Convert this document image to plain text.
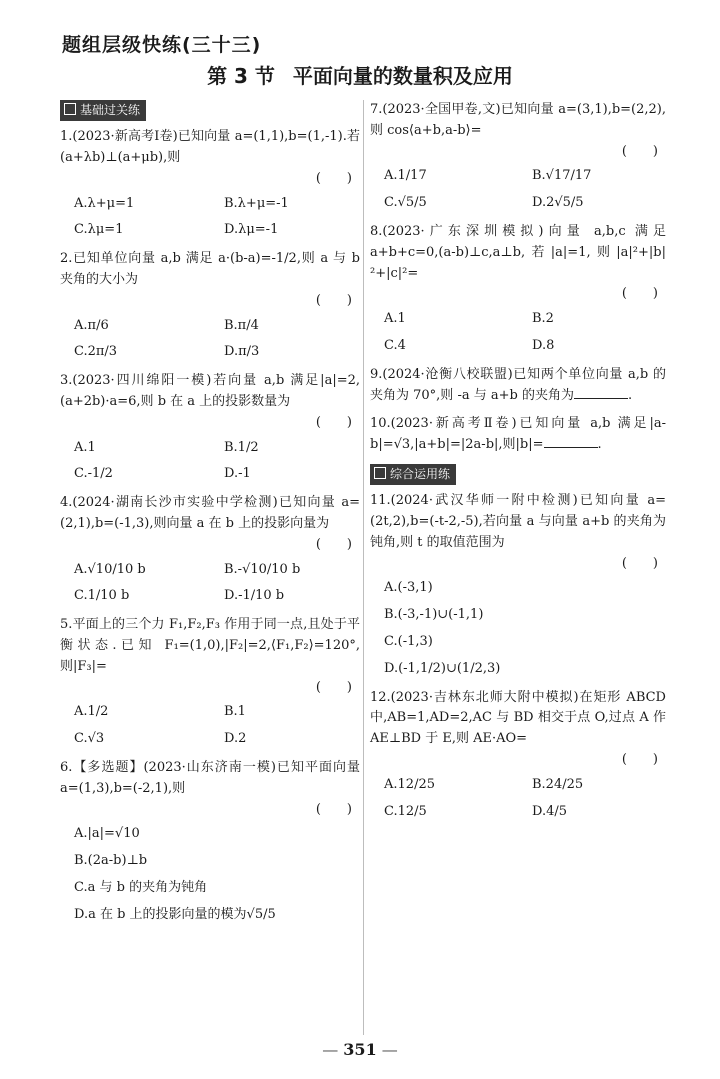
题组层级快练(三十三)
第 3 节 平面向量的数量积及应用
基础过关练
1.(2023·新高考Ⅰ卷)已知向量 a=(1,1),b=(1,-1).若(a+λb)⊥(a+μb),则
(　　)
A.λ+μ=1	B.λ+μ=-1
C.λμ=1	D.λμ=-1
2.已知单位向量 a,b 满足 a·(b-a)=-1/2,则 a 与 b 夹角的大小为
(　　)
A.π/6	B.π/4
C.2π/3	D.π/3
3.(2023·四川绵阳一模)若向量 a,b 满足|a|=2,(a+2b)·a=6,则 b 在 a 上的投影数量为
(　　)
A.1	B.1/2
C.-1/2	D.-1
4.(2024·湖南长沙市实验中学检测)已知向量 a=(2,1),b=(-1,3),则向量 a 在 b 上的投影向量为
(　　)
A.√10/10 b	B.-√10/10 b
C.1/10 b	D.-1/10 b
5.平面上的三个力 F₁,F₂,F₃ 作用于同一点,且处于平衡状态.已知 F₁=(1,0),|F₂|=2,⟨F₁,F₂⟩=120°,则|F₃|=
(　　)
A.1/2	B.1
C.√3	D.2
6.【多选题】(2023·山东济南一模)已知平面向量 a=(1,3),b=(-2,1),则
(　　)
A.|a|=√10
B.(2a-b)⊥b
C.a 与 b 的夹角为钝角
D.a 在 b 上的投影向量的模为√5/5
7.(2023·全国甲卷,文)已知向量 a=(3,1),b=(2,2),则 cos⟨a+b,a-b⟩=
(　　)
A.1/17	B.√17/17
C.√5/5	D.2√5/5
8.(2023·广东深圳模拟)向量 a,b,c 满足 a+b+c=0,(a-b)⊥c,a⊥b,若|a|=1,则|a|²+|b|²+|c|²=
(　　)
A.1	B.2
C.4	D.8
9.(2024·沧衡八校联盟)已知两个单位向量 a,b 的夹角为 70°,则 -a 与 a+b 的夹角为	.
10.(2023·新高考Ⅱ卷)已知向量 a,b 满足|a-b|=√3,|a+b|=|2a-b|,则|b|=	.
综合运用练
11.(2024·武汉华师一附中检测)已知向量 a=(2t,2),b=(-t-2,-5),若向量 a 与向量 a+b 的夹角为钝角,则 t 的取值范围为
(　　)
A.(-3,1)
B.(-3,-1)∪(-1,1)
C.(-1,3)
D.(-1,1/2)∪(1/2,3)
12.(2023·吉林东北师大附中模拟)在矩形 ABCD 中,AB=1,AD=2,AC 与 BD 相交于点 O,过点 A 作 AE⊥BD 于 E,则 AE·AO=
(　　)
A.12/25	B.24/25
C.12/5	D.4/5
— 351 —
